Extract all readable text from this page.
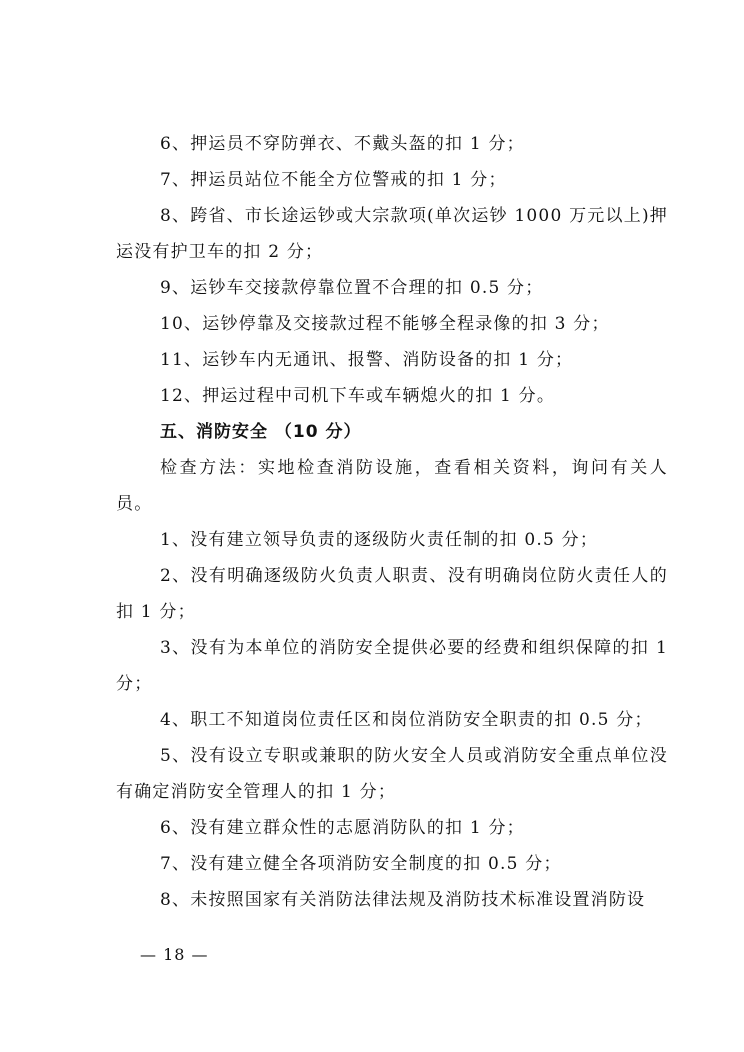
6、押运员不穿防弹衣、不戴头盔的扣 1 分；

7、押运员站位不能全方位警戒的扣 1 分；

8、跨省、市长途运钞或大宗款项(单次运钞 1000 万元以上)押运没有护卫车的扣 2 分；

9、运钞车交接款停靠位置不合理的扣 0.5 分；

10、运钞停靠及交接款过程不能够全程录像的扣 3 分；

11、运钞车内无通讯、报警、消防设备的扣 1 分；

12、押运过程中司机下车或车辆熄火的扣 1 分。

五、消防安全 （10 分）

检查方法：实地检查消防设施，查看相关资料，询问有关人员。

1、没有建立领导负责的逐级防火责任制的扣 0.5 分；

2、没有明确逐级防火负责人职责、没有明确岗位防火责任人的扣 1 分；

3、没有为本单位的消防安全提供必要的经费和组织保障的扣 1 分；

4、职工不知道岗位责任区和岗位消防安全职责的扣 0.5 分；

5、没有设立专职或兼职的防火安全人员或消防安全重点单位没有确定消防安全管理人的扣 1 分；

6、没有建立群众性的志愿消防队的扣 1 分；

7、没有建立健全各项消防安全制度的扣 0.5 分；

8、未按照国家有关消防法律法规及消防技术标准设置消防设

— 18 —
